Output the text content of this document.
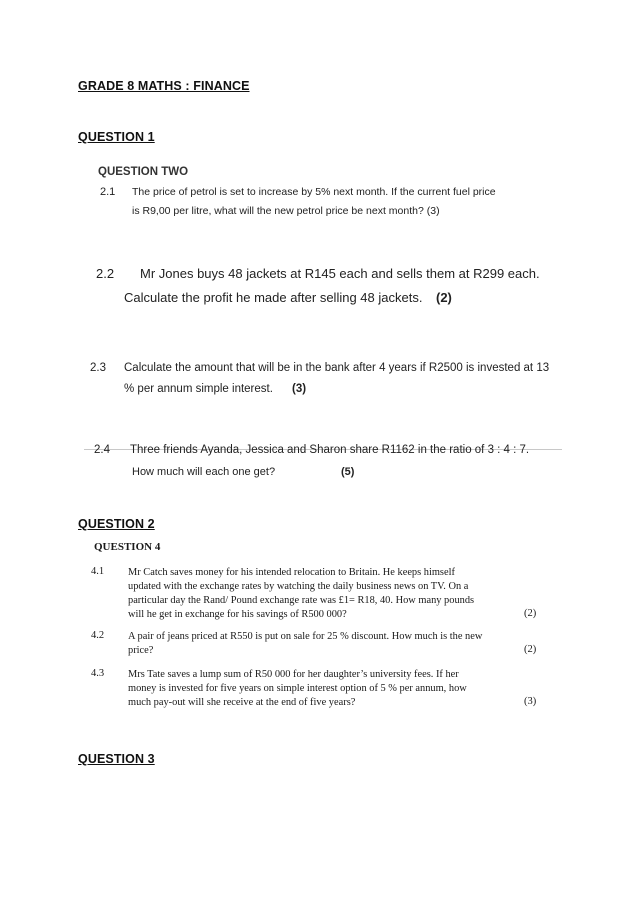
GRADE 8 MATHS : FINANCE
QUESTION 1
QUESTION TWO
2.1 The price of petrol is set to increase by 5% next month. If the current fuel price
is R9,00 per litre, what will the new petrol price be next month? (3)
2.2 Mr Jones buys 48 jackets at R145 each and sells them at R299 each.
Calculate the profit he made after selling 48 jackets. (2)
2.3 Calculate the amount that will be in the bank after 4 years if R2500 is invested at 13
% per annum simple interest. (3)
2.4 Three friends Ayanda, Jessica and Sharon share R1162 in the ratio of 3 : 4 : 7.
How much will each one get?	(5)
QUESTION 2
QUESTION 4
4.1 Mr Catch saves money for his intended relocation to Britain. He keeps himself
updated with the exchange rates by watching the daily business news on TV. On a
particular day the Rand/ Pound exchange rate was £1= R18, 40. How many pounds
will he get in exchange for his savings of R500 000?	(2)
4.2 A pair of jeans priced at R550 is put on sale for 25 % discount. How much is the new
price?	(2)
4.3 Mrs Tate saves a lump sum of R50 000 for her daughter’s university fees. If her
money is invested for five years on simple interest option of 5 % per annum, how
much pay-out will she receive at the end of five years?	(3)
QUESTION 3
